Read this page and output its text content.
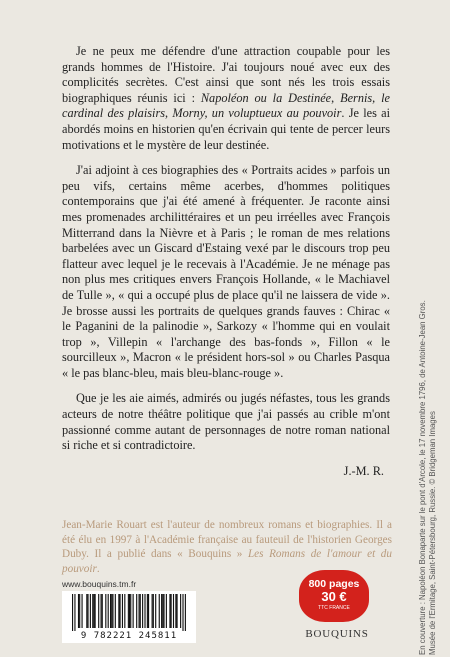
Je ne peux me défendre d'une attraction coupable pour les grands hommes de l'Histoire. J'ai toujours noué avec eux des complicités secrètes. C'est ainsi que sont nés les trois essais biographiques réunis ici : Napoléon ou la Destinée, Bernis, le cardinal des plaisirs, Morny, un voluptueux au pouvoir. Je les ai abordés moins en historien qu'en écrivain qui tente de percer leurs motivations et le mystère de leur destinée.

J'ai adjoint à ces biographies des « Portraits acides » parfois un peu vifs, certains même acerbes, d'hommes politiques contemporains que j'ai été amené à fréquenter. Je raconte ainsi mes promenades archilittéraires et un peu irréelles avec François Mitterrand dans la Nièvre et à Paris ; le roman de mes relations barbelées avec un Giscard d'Estaing vexé par le discours trop peu flatteur avec lequel je le recevais à l'Académie. Je ne ménage pas non plus mes critiques envers François Hollande, « le Machiavel de Tulle », « qui a occupé plus de place qu'il ne laissera de vide ». Je brosse aussi les portraits de quelques grands fauves : Chirac « le Paganini de la palinodie », Sarkozy « l'homme qui en voulait trop », Villepin « l'archange des bas-fonds », Fillon « le sourcilleux », Macron « le président hors-sol » ou Charles Pasqua « le pas blanc-bleu, mais bleu-blanc-rouge ».

Que je les aie aimés, admirés ou jugés néfastes, tous les grands acteurs de notre théâtre politique que j'ai passés au crible m'ont passionné comme autant de personnages de notre roman national si riche et si contradictoire.

J.-M. R.
Jean-Marie Rouart est l'auteur de nombreux romans et biographies. Il a été élu en 1997 à l'Académie française au fauteuil de l'historien Georges Duby. Il a publié dans « Bouquins » Les Romans de l'amour et du pouvoir.	En couverture : Napoléon Bonaparte sur le pont d'Arcole, le 17 novembre 1796, de Antoine-Jean Gros. Musée de l'Ermitage, Saint-Pétersbourg, Russie. © Bridgeman Images
www.bouquins.tm.fr
9 782221 245811
800 pages
30 €
TTC FRANCE
BOUQUINS
